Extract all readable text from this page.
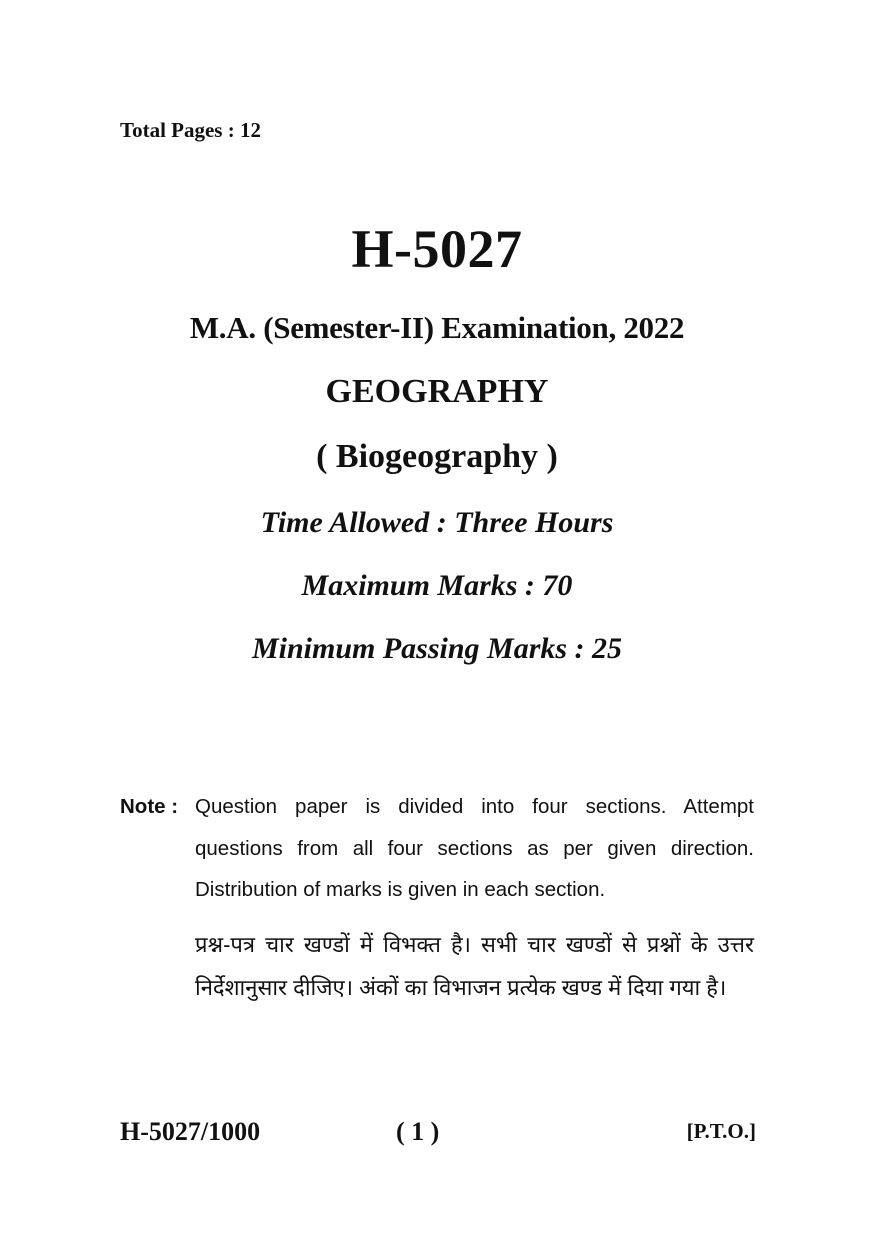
Total Pages : 12
H-5027
M.A. (Semester-II) Examination, 2022
GEOGRAPHY
( Biogeography )
Time Allowed : Three Hours
Maximum Marks : 70
Minimum Passing Marks : 25
Note : Question paper is divided into four sections. Attempt questions from all four sections as per given direction. Distribution of marks is given in each section.
प्रश्न-पत्र चार खण्डों में विभक्त है। सभी चार खण्डों से प्रश्नों के उत्तर निर्देशानुसार दीजिए। अंकों का विभाजन प्रत्येक खण्ड में दिया गया है।
H-5027/1000	( 1 )	[P.T.O.]
